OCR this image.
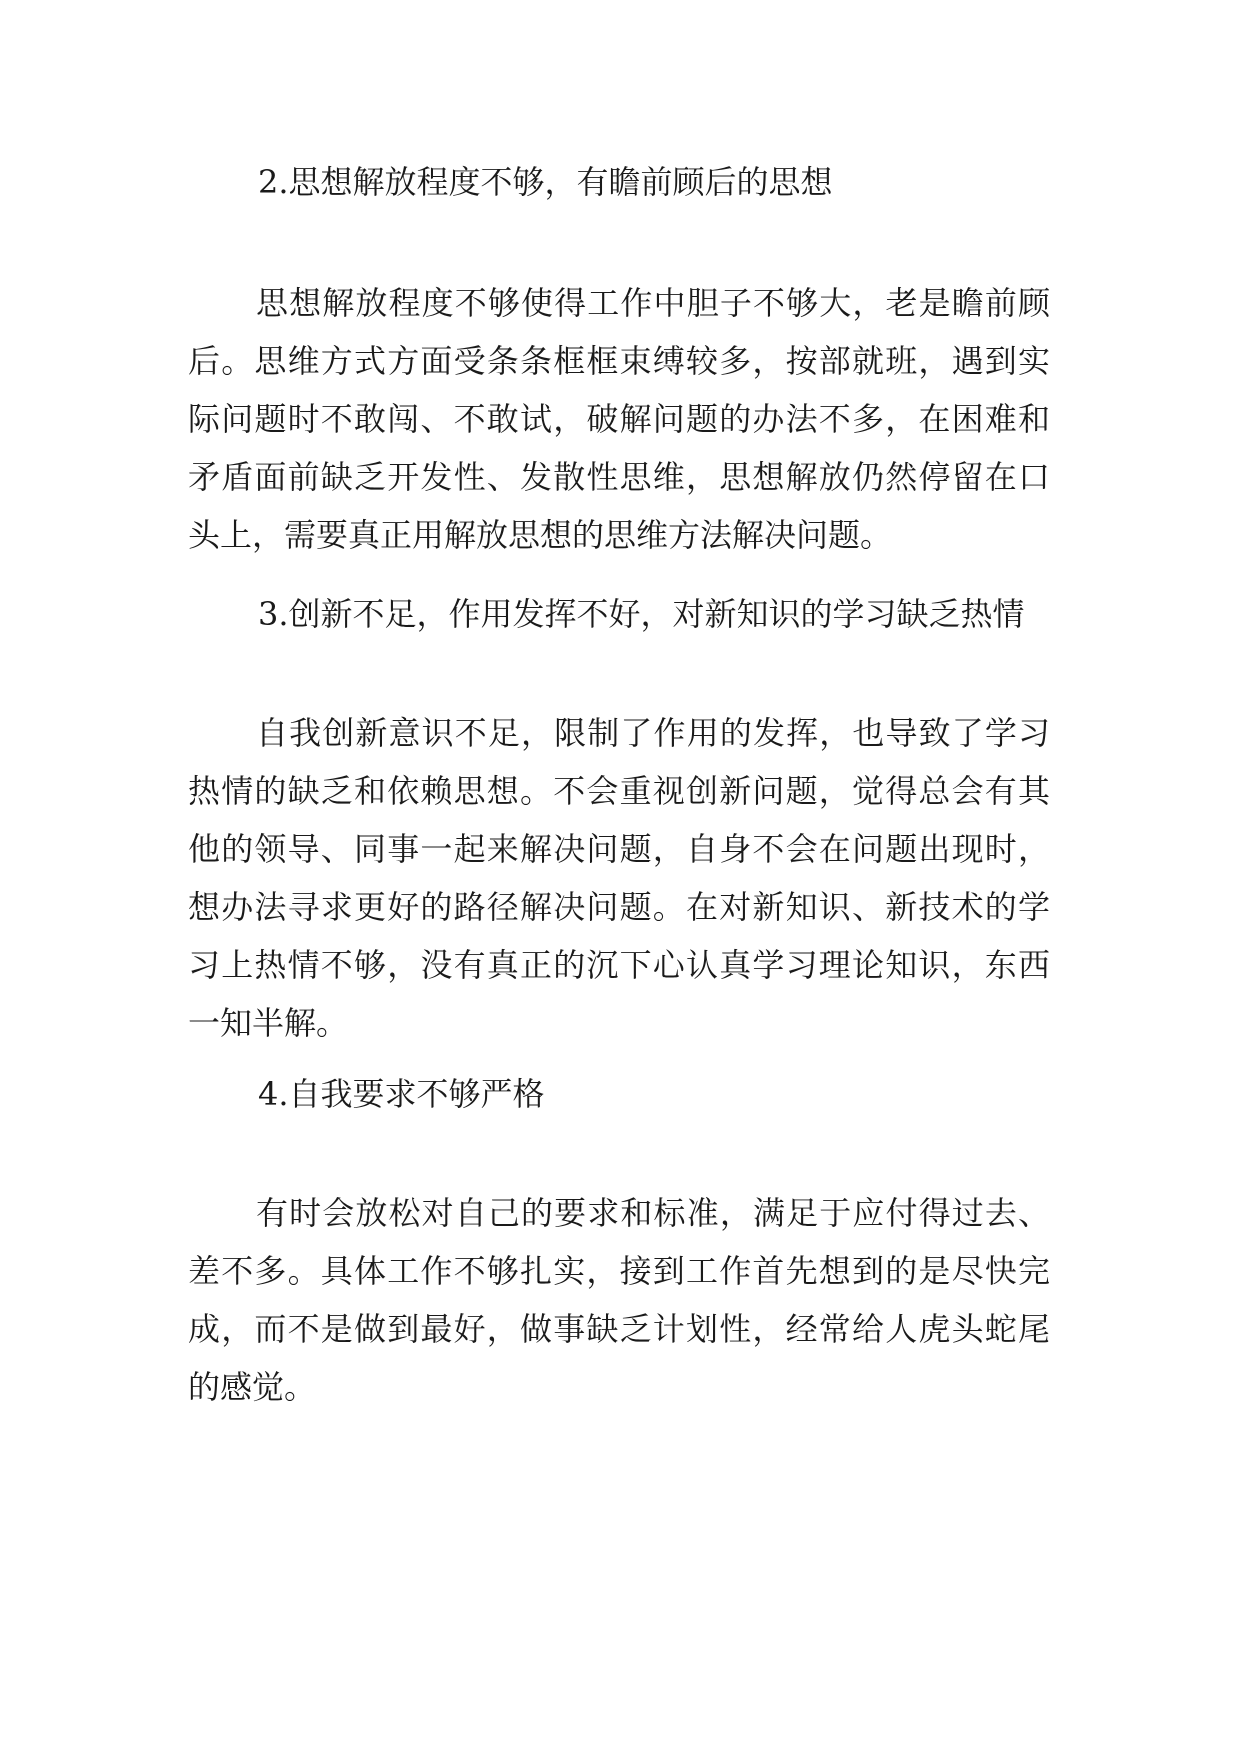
2.思想解放程度不够，有瞻前顾后的思想

思想解放程度不够使得工作中胆子不够大，老是瞻前顾后。思维方式方面受条条框框束缚较多，按部就班，遇到实际问题时不敢闯、不敢试，破解问题的办法不多，在困难和矛盾面前缺乏开发性、发散性思维，思想解放仍然停留在口头上，需要真正用解放思想的思维方法解决问题。

3.创新不足，作用发挥不好，对新知识的学习缺乏热情

自我创新意识不足，限制了作用的发挥，也导致了学习热情的缺乏和依赖思想。不会重视创新问题，觉得总会有其他的领导、同事一起来解决问题，自身不会在问题出现时，想办法寻求更好的路径解决问题。在对新知识、新技术的学习上热情不够，没有真正的沉下心认真学习理论知识，东西一知半解。

4.自我要求不够严格

有时会放松对自己的要求和标准，满足于应付得过去、差不多。具体工作不够扎实，接到工作首先想到的是尽快完成，而不是做到最好，做事缺乏计划性，经常给人虎头蛇尾的感觉。
